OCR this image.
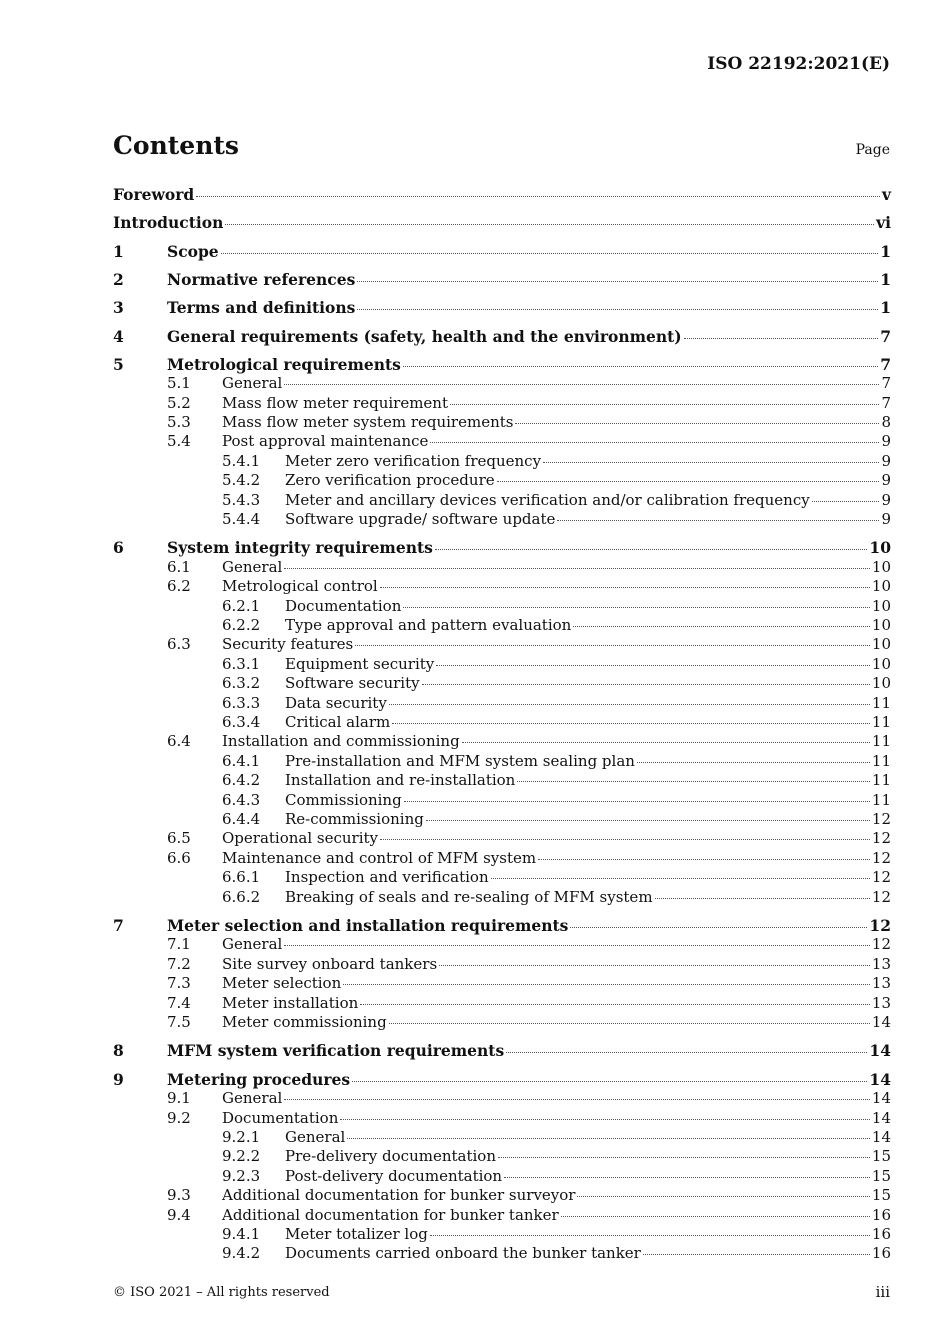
ISO 22192:2021(E)
Contents	Page
Foreword	v
Introduction	vi
1	Scope	1
2	Normative references	1
3	Terms and definitions	1
4	General requirements (safety, health and the environment)	7
5	Metrological requirements	7
5.1	General	7
5.2	Mass flow meter requirement	7
5.3	Mass flow meter system requirements	8
5.4	Post approval maintenance	9
5.4.1	Meter zero verification frequency	9
5.4.2	Zero verification procedure	9
5.4.3	Meter and ancillary devices verification and/or calibration frequency	9
5.4.4	Software upgrade/ software update	9
6	System integrity requirements	10
6.1	General	10
6.2	Metrological control	10
6.2.1	Documentation	10
6.2.2	Type approval and pattern evaluation	10
6.3	Security features	10
6.3.1	Equipment security	10
6.3.2	Software security	10
6.3.3	Data security	11
6.3.4	Critical alarm	11
6.4	Installation and commissioning	11
6.4.1	Pre-installation and MFM system sealing plan	11
6.4.2	Installation and re-installation	11
6.4.3	Commissioning	11
6.4.4	Re-commissioning	12
6.5	Operational security	12
6.6	Maintenance and control of MFM system	12
6.6.1	Inspection and verification	12
6.6.2	Breaking of seals and re-sealing of MFM system	12
7	Meter selection and installation requirements	12
7.1	General	12
7.2	Site survey onboard tankers	13
7.3	Meter selection	13
7.4	Meter installation	13
7.5	Meter commissioning	14
8	MFM system verification requirements	14
9	Metering procedures	14
9.1	General	14
9.2	Documentation	14
9.2.1	General	14
9.2.2	Pre-delivery documentation	15
9.2.3	Post-delivery documentation	15
9.3	Additional documentation for bunker surveyor	15
9.4	Additional documentation for bunker tanker	16
9.4.1	Meter totalizer log	16
9.4.2	Documents carried onboard the bunker tanker	16
© ISO 2021 – All rights reserved	iii
